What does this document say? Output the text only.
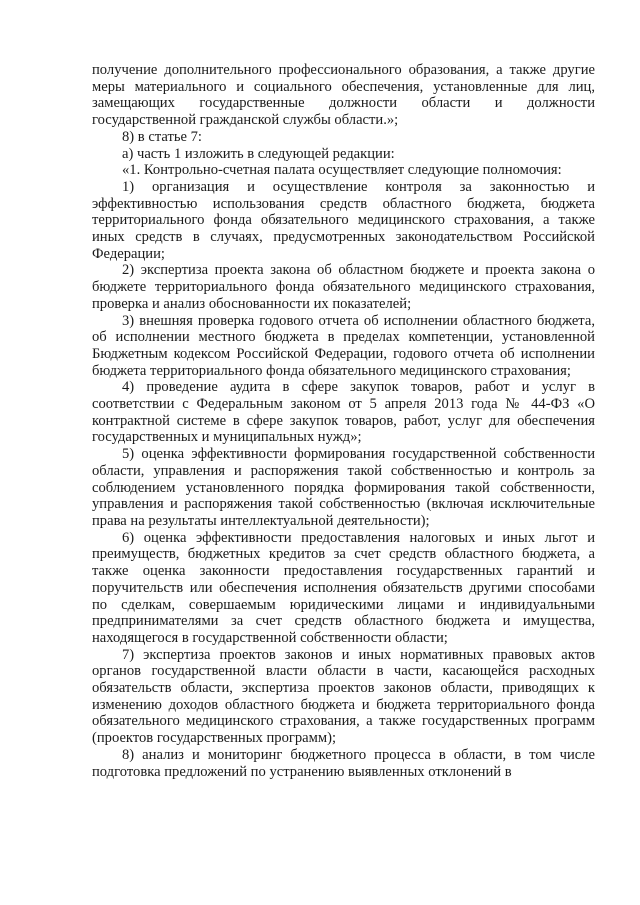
получение дополнительного профессионального образования, а также другие меры материального и социального обеспечения, установленные для лиц, замещающих государственные должности области и должности государственной гражданской службы области.»;

8) в статье 7:

а) часть 1 изложить в следующей редакции:

«1. Контрольно-счетная палата осуществляет следующие полномочия:

1) организация и осуществление контроля за законностью и эффективностью использования средств областного бюджета, бюджета территориального фонда обязательного медицинского страхования, а также иных средств в случаях, предусмотренных законодательством Российской Федерации;

2) экспертиза проекта закона об областном бюджете и проекта закона о бюджете территориального фонда обязательного медицинского страхования, проверка и анализ обоснованности их показателей;

3) внешняя проверка годового отчета об исполнении областного бюджета, об исполнении местного бюджета в пределах компетенции, установленной Бюджетным кодексом Российской Федерации, годового отчета об исполнении бюджета территориального фонда обязательного медицинского страхования;

4) проведение аудита в сфере закупок товаров, работ и услуг в соответствии с Федеральным законом от 5 апреля 2013 года № 44-ФЗ «О контрактной системе в сфере закупок товаров, работ, услуг для обеспечения государственных и муниципальных нужд»;

5) оценка эффективности формирования государственной собственности области, управления и распоряжения такой собственностью и контроль за соблюдением установленного порядка формирования такой собственности, управления и распоряжения такой собственностью (включая исключительные права на результаты интеллектуальной деятельности);

6) оценка эффективности предоставления налоговых и иных льгот и преимуществ, бюджетных кредитов за счет средств областного бюджета, а также оценка законности предоставления государственных гарантий и поручительств или обеспечения исполнения обязательств другими способами по сделкам, совершаемым юридическими лицами и индивидуальными предпринимателями за счет средств областного бюджета и имущества, находящегося в государственной собственности области;

7) экспертиза проектов законов и иных нормативных правовых актов органов государственной власти области в части, касающейся расходных обязательств области, экспертиза проектов законов области, приводящих к изменению доходов областного бюджета и бюджета территориального фонда обязательного медицинского страхования, а также государственных программ (проектов государственных программ);

8) анализ и мониторинг бюджетного процесса в области, в том числе подготовка предложений по устранению выявленных отклонений в
